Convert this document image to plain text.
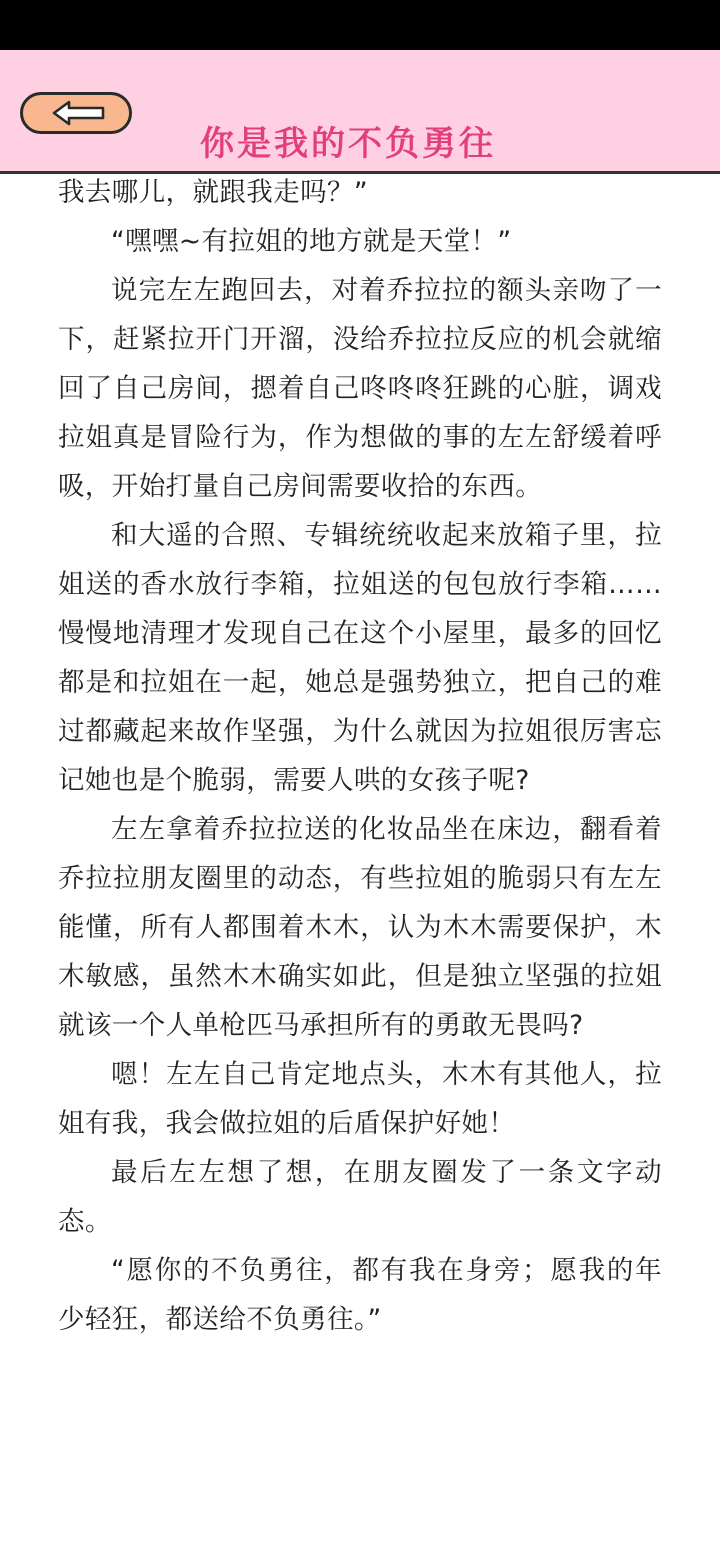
我去哪儿，就跟我走吗？”

“嘿嘿~有拉姐的地方就是天堂！”

说完左左跑回去，对着乔拉拉的额头亲吻了一下，赶紧拉开门开溜，没给乔拉拉反应的机会就缩回了自己房间，摁着自己咚咚咚狂跳的心脏，调戏拉姐真是冒险行为，作为想做的事的左左舒缓着呼吸，开始打量自己房间需要收拾的东西。

和大遥的合照、专辑统统收起来放箱子里，拉姐送的香水放行李箱，拉姐送的包包放行李箱……慢慢地清理才发现自己在这个小屋里，最多的回忆都是和拉姐在一起，她总是强势独立，把自己的难过都藏起来故作坚强，为什么就因为拉姐很厉害忘记她也是个脆弱，需要人哄的女孩子呢?

左左拿着乔拉拉送的化妆品坐在床边，翻看着乔拉拉朋友圈里的动态，有些拉姐的脆弱只有左左能懂，所有人都围着木木，认为木木需要保护，木木敏感，虽然木木确实如此，但是独立坚强的拉姐就该一个人单枪匹马承担所有的勇敢无畏吗?

嗯！左左自己肯定地点头，木木有其他人，拉姐有我，我会做拉姐的后盾保护好她！

最后左左想了想，在朋友圈发了一条文字动态。

“愿你的不负勇往，都有我在身旁；愿我的年少轻狂，都送给不负勇往。”

你是我的不负勇往
